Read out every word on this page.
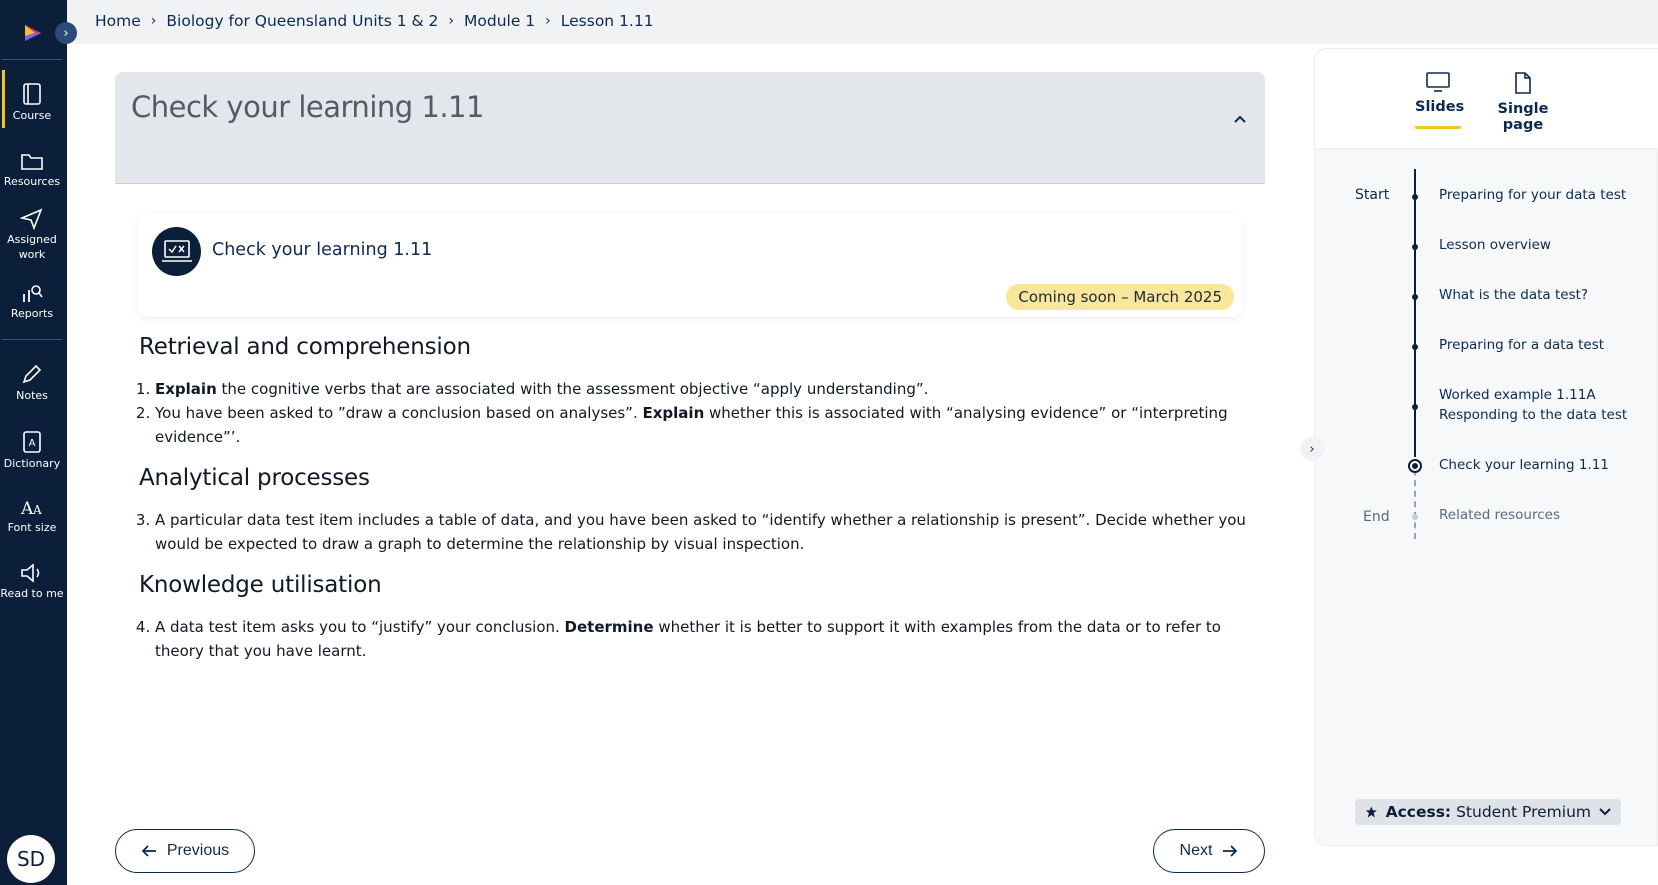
Course
Resources
Assigned work
Reports
Notes
A
Dictionary
A A
Font size
Read to me
SD
›
Home › Biology for Queensland Units 1 & 2 › Module 1 › Lesson 1.11
Check your learning 1.11
Check your learning 1.11
Coming soon – March 2025
Retrieval and comprehension
1. Explain the cognitive verbs that are associated with the assessment objective “apply understanding”.
2. You have been asked to ”draw a conclusion based on analyses”. Explain whether this is associated with “analysing evidence” or “interpreting evidence”’.
Analytical processes
3. A particular data test item includes a table of data, and you have been asked to “identify whether a relationship is present”. Decide whether you would be expected to draw a graph to determine the relationship by visual inspection.
Knowledge utilisation
4. A data test item asks you to “justify” your conclusion. Determine whether it is better to support it with examples from the data or to refer to theory that you have learnt.
Previous	Next
Slides	Single page
Start
End
Preparing for your data test
Lesson overview
What is the data test?
Preparing for a data test
Worked example 1.11A
Responding to the data test
Check your learning 1.11
Related resources
Access: Student Premium
›
